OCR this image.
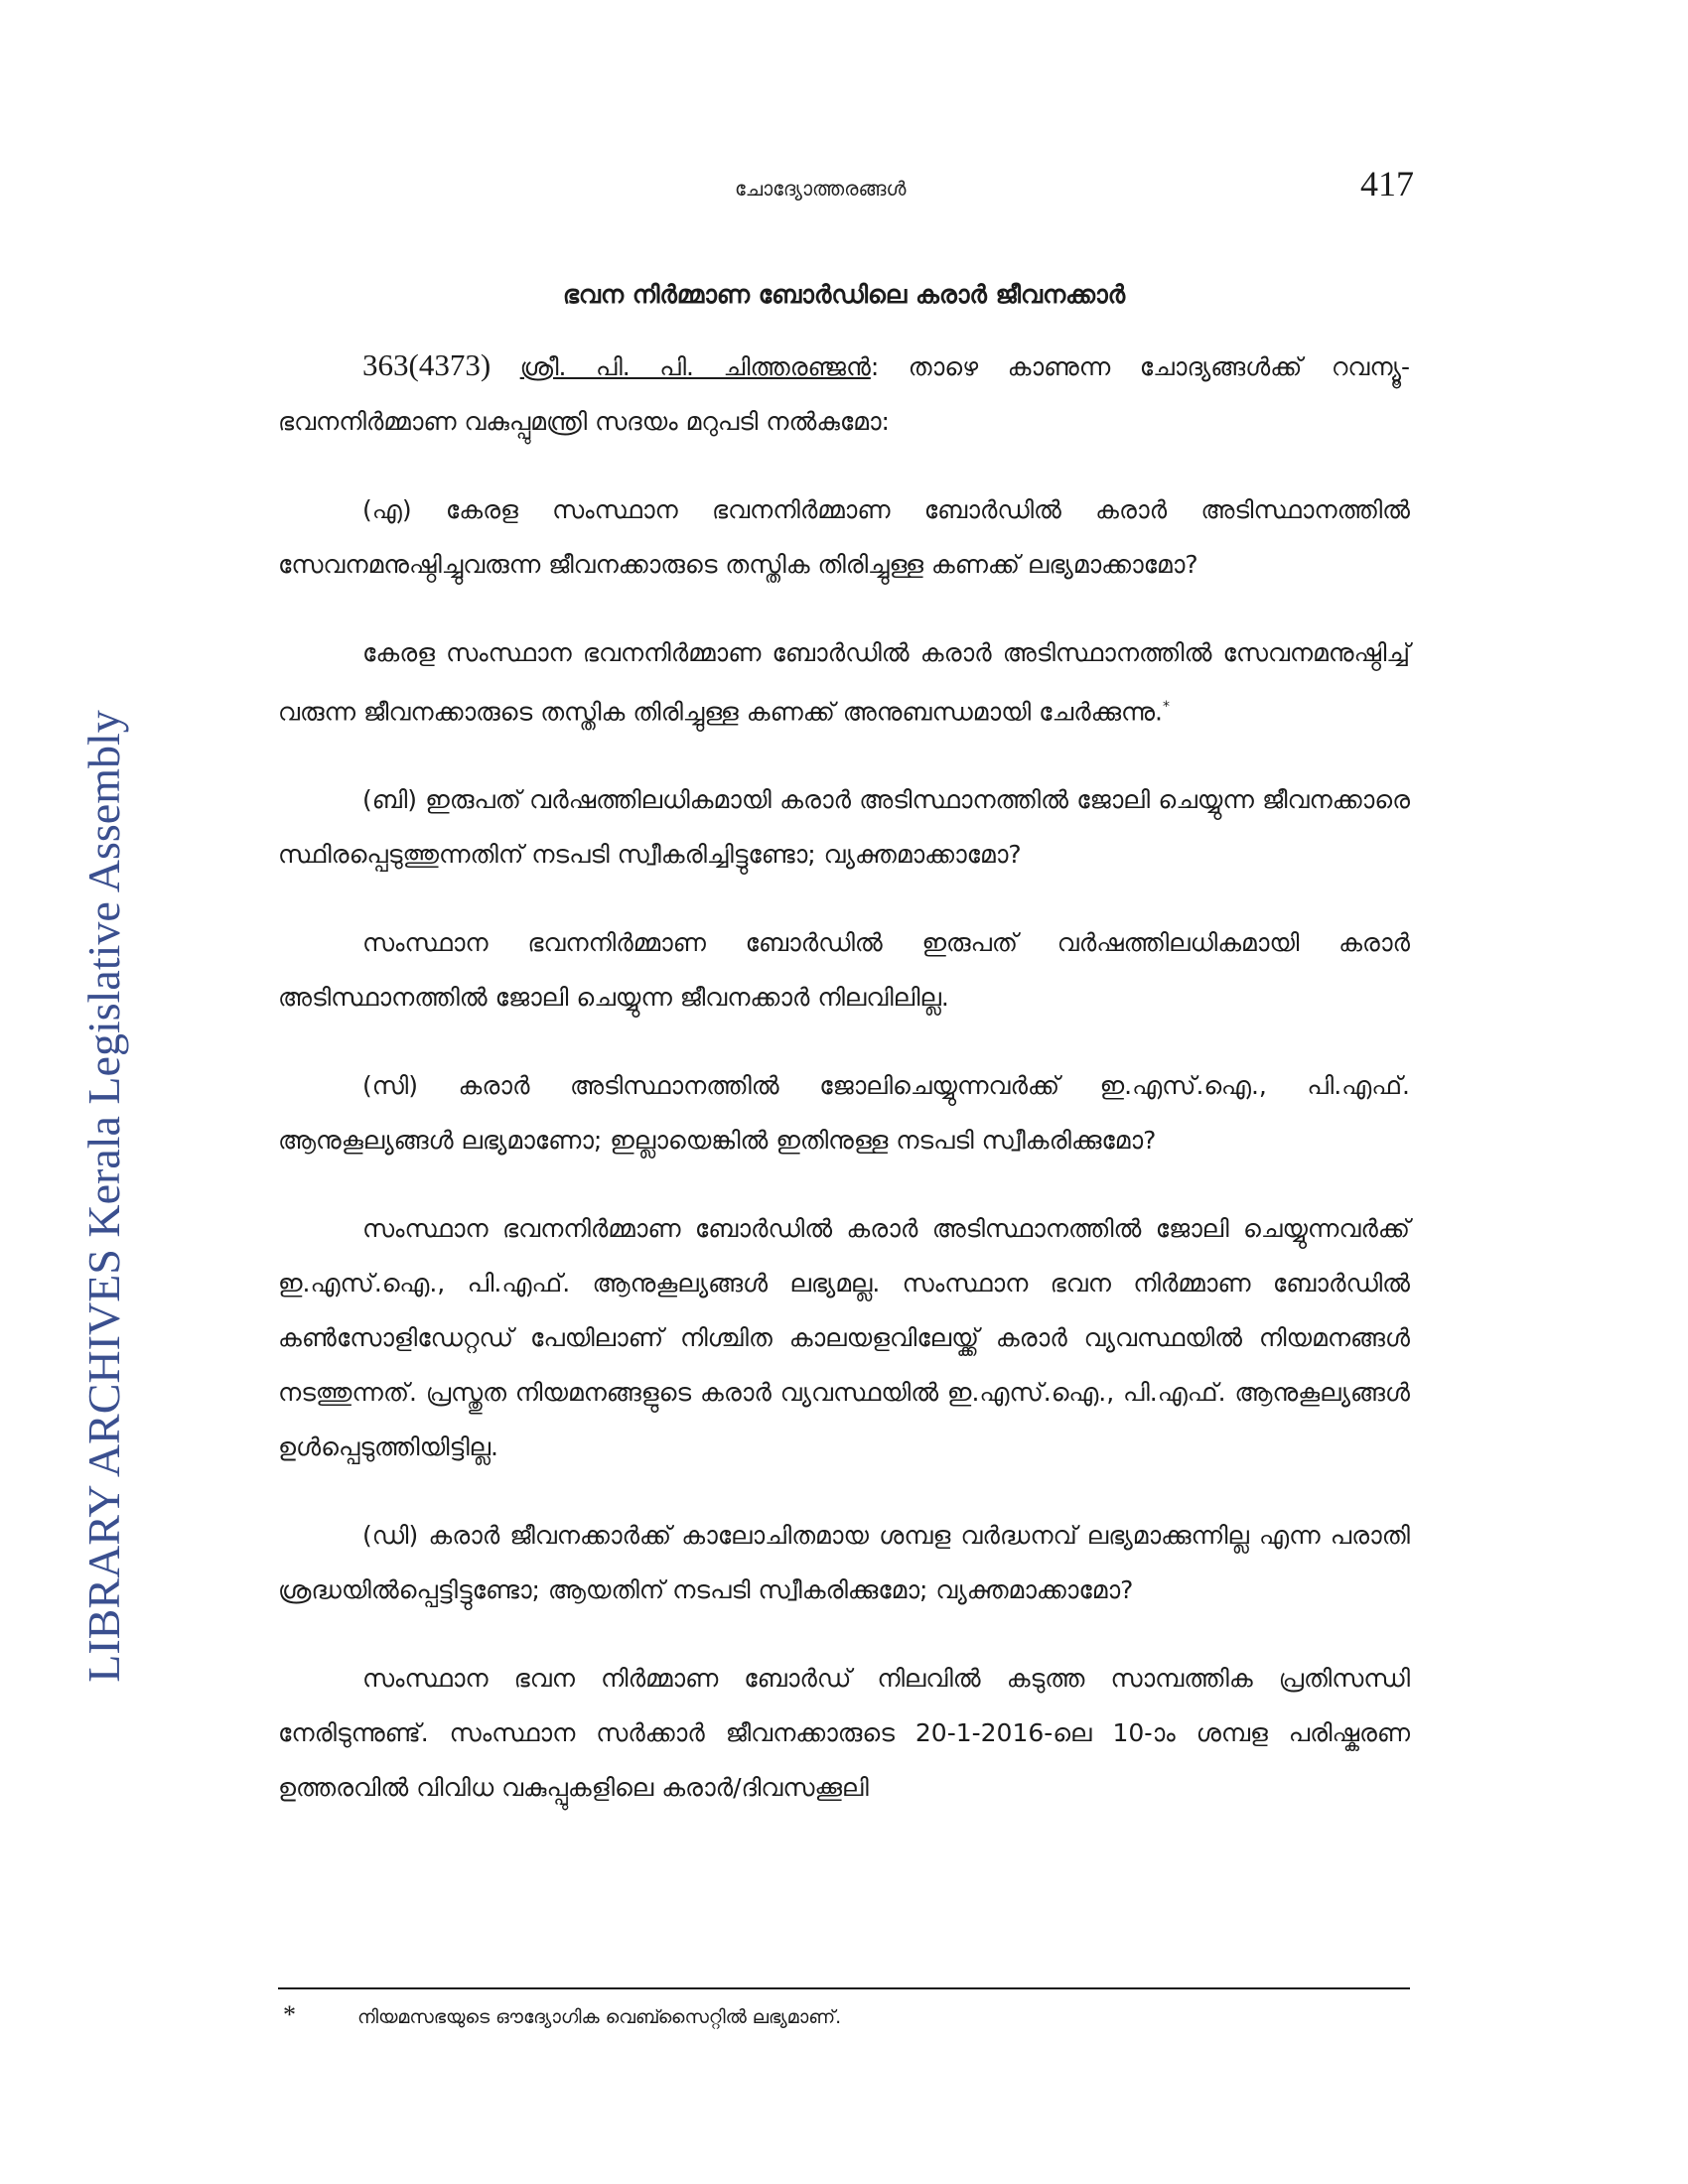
LIBRARY ARCHIVES Kerala Legislative Assembly
ചോദ്യോത്തരങ്ങൾ	417
ഭവന നിർമ്മാണ ബോർഡിലെ കരാർ ജീവനക്കാർ

363(4373) ശ്രീ. പി. പി. ചിത്തരഞ്ജൻ: താഴെ കാണുന്ന ചോദ്യങ്ങൾക്ക് റവന്യൂ-ഭവനനിർമ്മാണ വകുപ്പുമന്ത്രി സദയം മറുപടി നൽകുമോ:

(എ) കേരള സംസ്ഥാന ഭവനനിർമ്മാണ ബോർഡിൽ കരാർ അടിസ്ഥാനത്തിൽ സേവനമനുഷ്ഠിച്ചുവരുന്ന ജീവനക്കാരുടെ തസ്തിക തിരിച്ചുള്ള കണക്ക് ലഭ്യമാക്കാമോ?

കേരള സംസ്ഥാന ഭവനനിർമ്മാണ ബോർഡിൽ കരാർ അടിസ്ഥാനത്തിൽ സേവനമനുഷ്ഠിച്ച് വരുന്ന ജീവനക്കാരുടെ തസ്തിക തിരിച്ചുള്ള കണക്ക് അനുബന്ധമായി ചേർക്കുന്നു.*

(ബി) ഇരുപത് വർഷത്തിലധികമായി കരാർ അടിസ്ഥാനത്തിൽ ജോലി ചെയ്യുന്ന ജീവനക്കാരെ സ്ഥിരപ്പെടുത്തുന്നതിന് നടപടി സ്വീകരിച്ചിട്ടുണ്ടോ; വ്യക്തമാക്കാമോ?

സംസ്ഥാന ഭവനനിർമ്മാണ ബോർഡിൽ ഇരുപത് വർഷത്തിലധികമായി കരാർ അടിസ്ഥാനത്തിൽ ജോലി ചെയ്യുന്ന ജീവനക്കാർ നിലവിലില്ല.

(സി) കരാർ അടിസ്ഥാനത്തിൽ ജോലിചെയ്യുന്നവർക്ക് ഇ.എസ്.ഐ., പി.എഫ്. ആനുകൂല്യങ്ങൾ ലഭ്യമാണോ; ഇല്ലായെങ്കിൽ ഇതിനുള്ള നടപടി സ്വീകരിക്കുമോ?

സംസ്ഥാന ഭവനനിർമ്മാണ ബോർഡിൽ കരാർ അടിസ്ഥാനത്തിൽ ജോലി ചെയ്യുന്നവർക്ക് ഇ.എസ്.ഐ., പി.എഫ്. ആനുകൂല്യങ്ങൾ ലഭ്യമല്ല. സംസ്ഥാന ഭവന നിർമ്മാണ ബോർഡിൽ കൺസോളിഡേറ്റഡ് പേയിലാണ് നിശ്ചിത കാലയളവിലേയ്ക്ക് കരാർ വ്യവസ്ഥയിൽ നിയമനങ്ങൾ നടത്തുന്നത്. പ്രസ്തുത നിയമനങ്ങളുടെ കരാർ വ്യവസ്ഥയിൽ ഇ.എസ്.ഐ., പി.എഫ്. ആനുകൂല്യങ്ങൾ ഉൾപ്പെടുത്തിയിട്ടില്ല.

(ഡി) കരാർ ജീവനക്കാർക്ക് കാലോചിതമായ ശമ്പള വർദ്ധനവ് ലഭ്യമാക്കുന്നില്ല എന്ന പരാതി ശ്രദ്ധയിൽപ്പെട്ടിട്ടുണ്ടോ; ആയതിന് നടപടി സ്വീകരിക്കുമോ; വ്യക്തമാക്കാമോ?

സംസ്ഥാന ഭവന നിർമ്മാണ ബോർഡ് നിലവിൽ കടുത്ത സാമ്പത്തിക പ്രതിസന്ധി നേരിടുന്നുണ്ട്. സംസ്ഥാന സർക്കാർ ജീവനക്കാരുടെ 20-1-2016-ലെ 10-ാം ശമ്പള പരിഷ്കരണ ഉത്തരവിൽ വിവിധ വകുപ്പുകളിലെ കരാർ/ദിവസക്കൂലി

*	നിയമസഭയുടെ ഔദ്യോഗിക വെബ്സൈറ്റിൽ ലഭ്യമാണ്.
